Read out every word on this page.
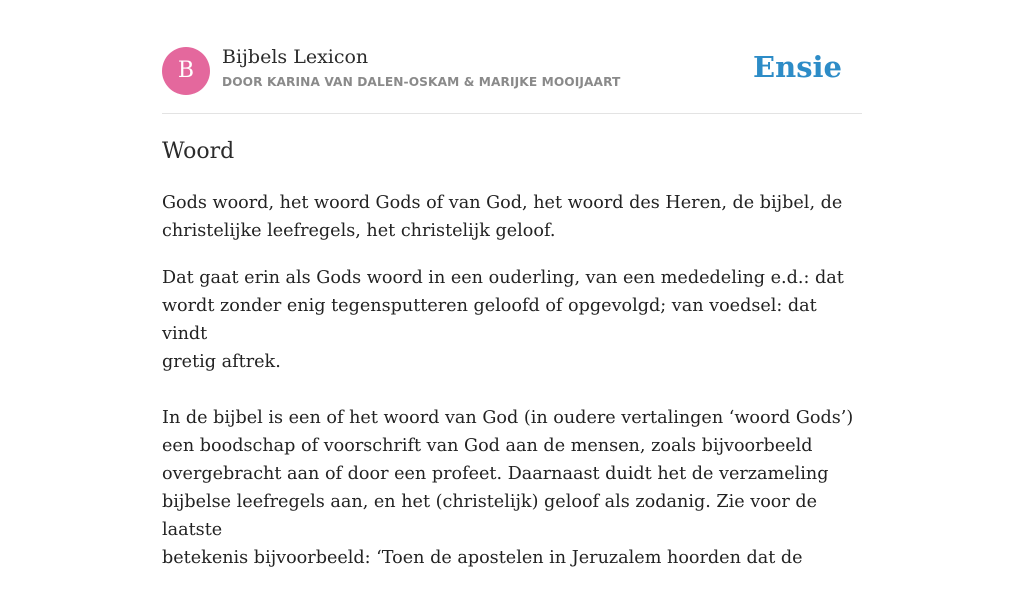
B
Bijbels Lexicon
DOOR KARINA VAN DALEN-OSKAM & MARIJKE MOOIJAART	Ensie
Woord

Gods woord, het woord Gods of van God, het woord des Heren, de bijbel, de
christelijke leefregels, het christelijk geloof.

Dat gaat erin als Gods woord in een ouderling, van een mededeling e.d.: dat
wordt zonder enig tegensputteren geloofd of opgevolgd; van voedsel: dat vindt
gretig aftrek.

In de bijbel is een of het woord van God (in oudere vertalingen ‘woord Gods’)
een boodschap of voorschrift van God aan de mensen, zoals bijvoorbeeld
overgebracht aan of door een profeet. Daarnaast duidt het de verzameling
bijbelse leefregels aan, en het (christelijk) geloof als zodanig. Zie voor de laatste
betekenis bijvoorbeeld: ‘Toen de apostelen in Jeruzalem hoorden dat de
